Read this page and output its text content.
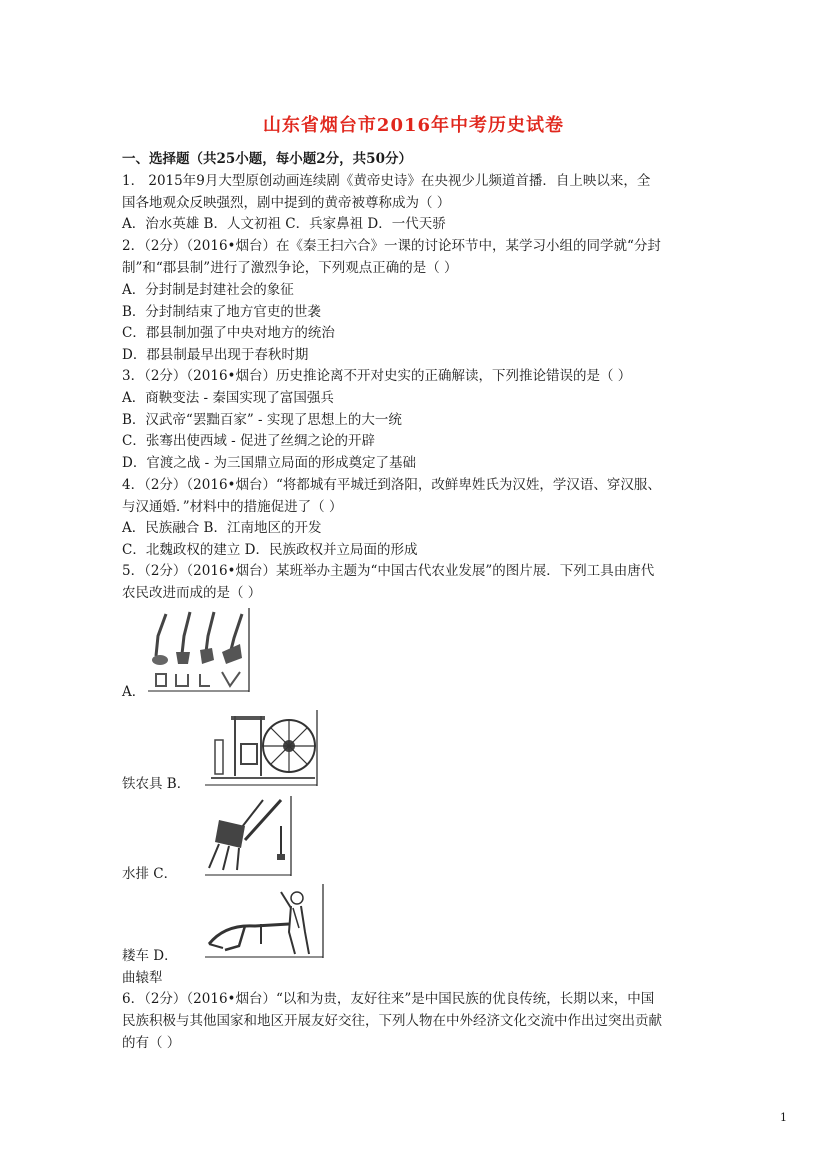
山东省烟台市2016年中考历史试卷
一、选择题（共25小题，每小题2分，共50分）
1． 2015年9月大型原创动画连续剧《黄帝史诗》在央视少儿频道首播．自上映以来，全
国各地观众反映强烈，剧中提到的黄帝被尊称成为（ ）
A．治水英雄 B．人文初祖 C．兵家鼻祖 D．一代天骄
2．（2分）（2016•烟台）在《秦王扫六合》一课的讨论环节中，某学习小组的同学就“分封
制”和“郡县制”进行了激烈争论，下列观点正确的是（ ）
A．分封制是封建社会的象征
B．分封制结束了地方官吏的世袭
C．郡县制加强了中央对地方的统治
D．郡县制最早出现于春秋时期
3．（2分）（2016•烟台）历史推论离不开对史实的正确解读，下列推论错误的是（ ）
A．商鞅变法 - 秦国实现了富国强兵
B．汉武帝“罢黜百家” - 实现了思想上的大一统
C．张骞出使西域 - 促进了丝绸之论的开辟
D．官渡之战 - 为三国鼎立局面的形成奠定了基础
4．（2分）（2016•烟台）“将都城有平城迁到洛阳，改鲜卑姓氏为汉姓，学汉语、穿汉服、
与汉通婚．”材料中的措施促进了（ ）
A．民族融合 B．江南地区的开发
C．北魏政权的建立 D．民族政权并立局面的形成
5．（2分）（2016•烟台）某班举办主题为“中国古代农业发展”的图片展．下列工具由唐代
农民改进而成的是（ ）
A．
铁农具 B．
水排 C．
耧车 D．
曲辕犁
6．（2分）（2016•烟台）“以和为贵，友好往来”是中国民族的优良传统，长期以来，中国
民族积极与其他国家和地区开展友好交往，下列人物在中外经济文化交流中作出过突出贡献
的有（ ）
1
